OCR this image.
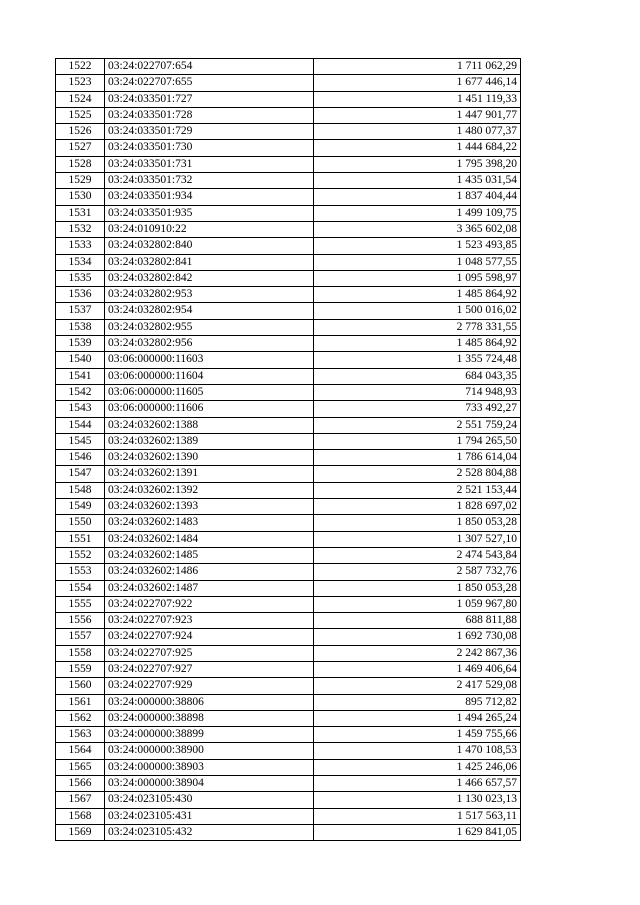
1522	03:24:022707:654	1 711 062,29
1523	03:24:022707:655	1 677 446,14
1524	03:24:033501:727	1 451 119,33
1525	03:24:033501:728	1 447 901,77
1526	03:24:033501:729	1 480 077,37
1527	03:24:033501:730	1 444 684,22
1528	03:24:033501:731	1 795 398,20
1529	03:24:033501:732	1 435 031,54
1530	03:24:033501:934	1 837 404,44
1531	03:24:033501:935	1 499 109,75
1532	03:24:010910:22	3 365 602,08
1533	03:24:032802:840	1 523 493,85
1534	03:24:032802:841	1 048 577,55
1535	03:24:032802:842	1 095 598,97
1536	03:24:032802:953	1 485 864,92
1537	03:24:032802:954	1 500 016,02
1538	03:24:032802:955	2 778 331,55
1539	03:24:032802:956	1 485 864,92
1540	03:06:000000:11603	1 355 724,48
1541	03:06:000000:11604	684 043,35
1542	03:06:000000:11605	714 948,93
1543	03:06:000000:11606	733 492,27
1544	03:24:032602:1388	2 551 759,24
1545	03:24:032602:1389	1 794 265,50
1546	03:24:032602:1390	1 786 614,04
1547	03:24:032602:1391	2 528 804,88
1548	03:24:032602:1392	2 521 153,44
1549	03:24:032602:1393	1 828 697,02
1550	03:24:032602:1483	1 850 053,28
1551	03:24:032602:1484	1 307 527,10
1552	03:24:032602:1485	2 474 543,84
1553	03:24:032602:1486	2 587 732,76
1554	03:24:032602:1487	1 850 053,28
1555	03:24:022707:922	1 059 967,80
1556	03:24:022707:923	688 811,88
1557	03:24:022707:924	1 692 730,08
1558	03:24:022707:925	2 242 867,36
1559	03:24:022707:927	1 469 406,64
1560	03:24:022707:929	2 417 529,08
1561	03:24:000000:38806	895 712,82
1562	03:24:000000:38898	1 494 265,24
1563	03:24:000000:38899	1 459 755,66
1564	03:24:000000:38900	1 470 108,53
1565	03:24:000000:38903	1 425 246,06
1566	03:24:000000:38904	1 466 657,57
1567	03:24:023105:430	1 130 023,13
1568	03:24:023105:431	1 517 563,11
1569	03:24:023105:432	1 629 841,05
